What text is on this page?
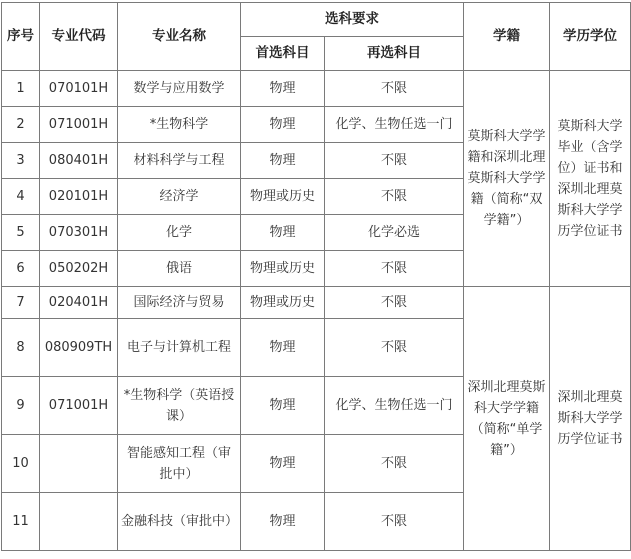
序号	专业代码	专业名称	选科要求		学籍	学历学位
			首选科目	再选科目		
1	070101H	数学与应用数学	物理	不限	莫斯科大学学籍和深圳北理莫斯科大学学籍（简称“双学籍”）	莫斯科大学毕业（含学位）证书和深圳北理莫斯科大学学历学位证书
2	071001H	*生物科学	物理	化学、生物任选一门		
3	080401H	材料科学与工程	物理	不限		
4	020101H	经济学	物理或历史	不限		
5	070301H	化学	物理	化学必选		
6	050202H	俄语	物理或历史	不限		
7	020401H	国际经济与贸易	物理或历史	不限	深圳北理莫斯科大学学籍（简称“单学籍”）	深圳北理莫斯科大学学历学位证书
8	080909TH	电子与计算机工程	物理	不限		
9	071001H	*生物科学（英语授课）	物理	化学、生物任选一门		
10		智能感知工程（审批中）	物理	不限		
11		金融科技（审批中）	物理	不限		
